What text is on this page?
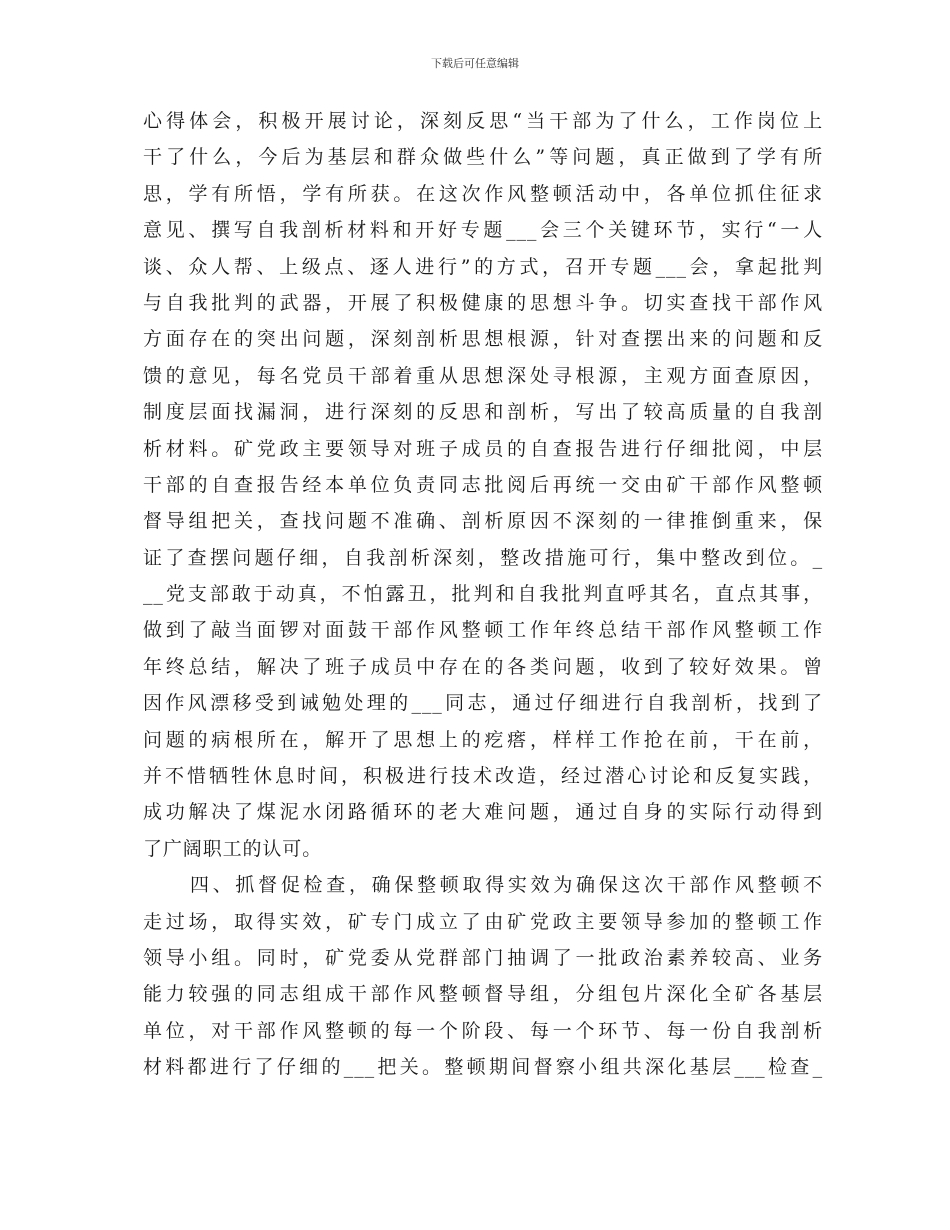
下载后可任意编辑
心得体会，积极开展讨论，深刻反思“当干部为了什么，工作岗位上
干了什么，今后为基层和群众做些什么”等问题，真正做到了学有所
思，学有所悟，学有所获。在这次作风整顿活动中，各单位抓住征求
意见、撰写自我剖析材料和开好专题___会三个关键环节，实行“一人
谈、众人帮、上级点、逐人进行”的方式，召开专题___会，拿起批判
与自我批判的武器，开展了积极健康的思想斗争。切实查找干部作风
方面存在的突出问题，深刻剖析思想根源，针对查摆出来的问题和反
馈的意见，每名党员干部着重从思想深处寻根源，主观方面查原因，
制度层面找漏洞，进行深刻的反思和剖析，写出了较高质量的自我剖
析材料。矿党政主要领导对班子成员的自查报告进行仔细批阅，中层
干部的自查报告经本单位负责同志批阅后再统一交由矿干部作风整顿
督导组把关，查找问题不准确、剖析原因不深刻的一律推倒重来，保
证了查摆问题仔细，自我剖析深刻，整改措施可行，集中整改到位。_
__党支部敢于动真，不怕露丑，批判和自我批判直呼其名，直点其事，
做到了敲当面锣对面鼓干部作风整顿工作年终总结干部作风整顿工作
年终总结，解决了班子成员中存在的各类问题，收到了较好效果。曾
因作风漂移受到诫勉处理的___同志，通过仔细进行自我剖析，找到了
问题的病根所在，解开了思想上的疙瘩，样样工作抢在前，干在前，
并不惜牺牲休息时间，积极进行技术改造，经过潜心讨论和反复实践，
成功解决了煤泥水闭路循环的老大难问题，通过自身的实际行动得到
了广阔职工的认可。
四、抓督促检查，确保整顿取得实效为确保这次干部作风整顿不
走过场，取得实效，矿专门成立了由矿党政主要领导参加的整顿工作
领导小组。同时，矿党委从党群部门抽调了一批政治素养较高、业务
能力较强的同志组成干部作风整顿督导组，分组包片深化全矿各基层
单位，对干部作风整顿的每一个阶段、每一个环节、每一份自我剖析
材料都进行了仔细的___把关。整顿期间督察小组共深化基层___检查_
